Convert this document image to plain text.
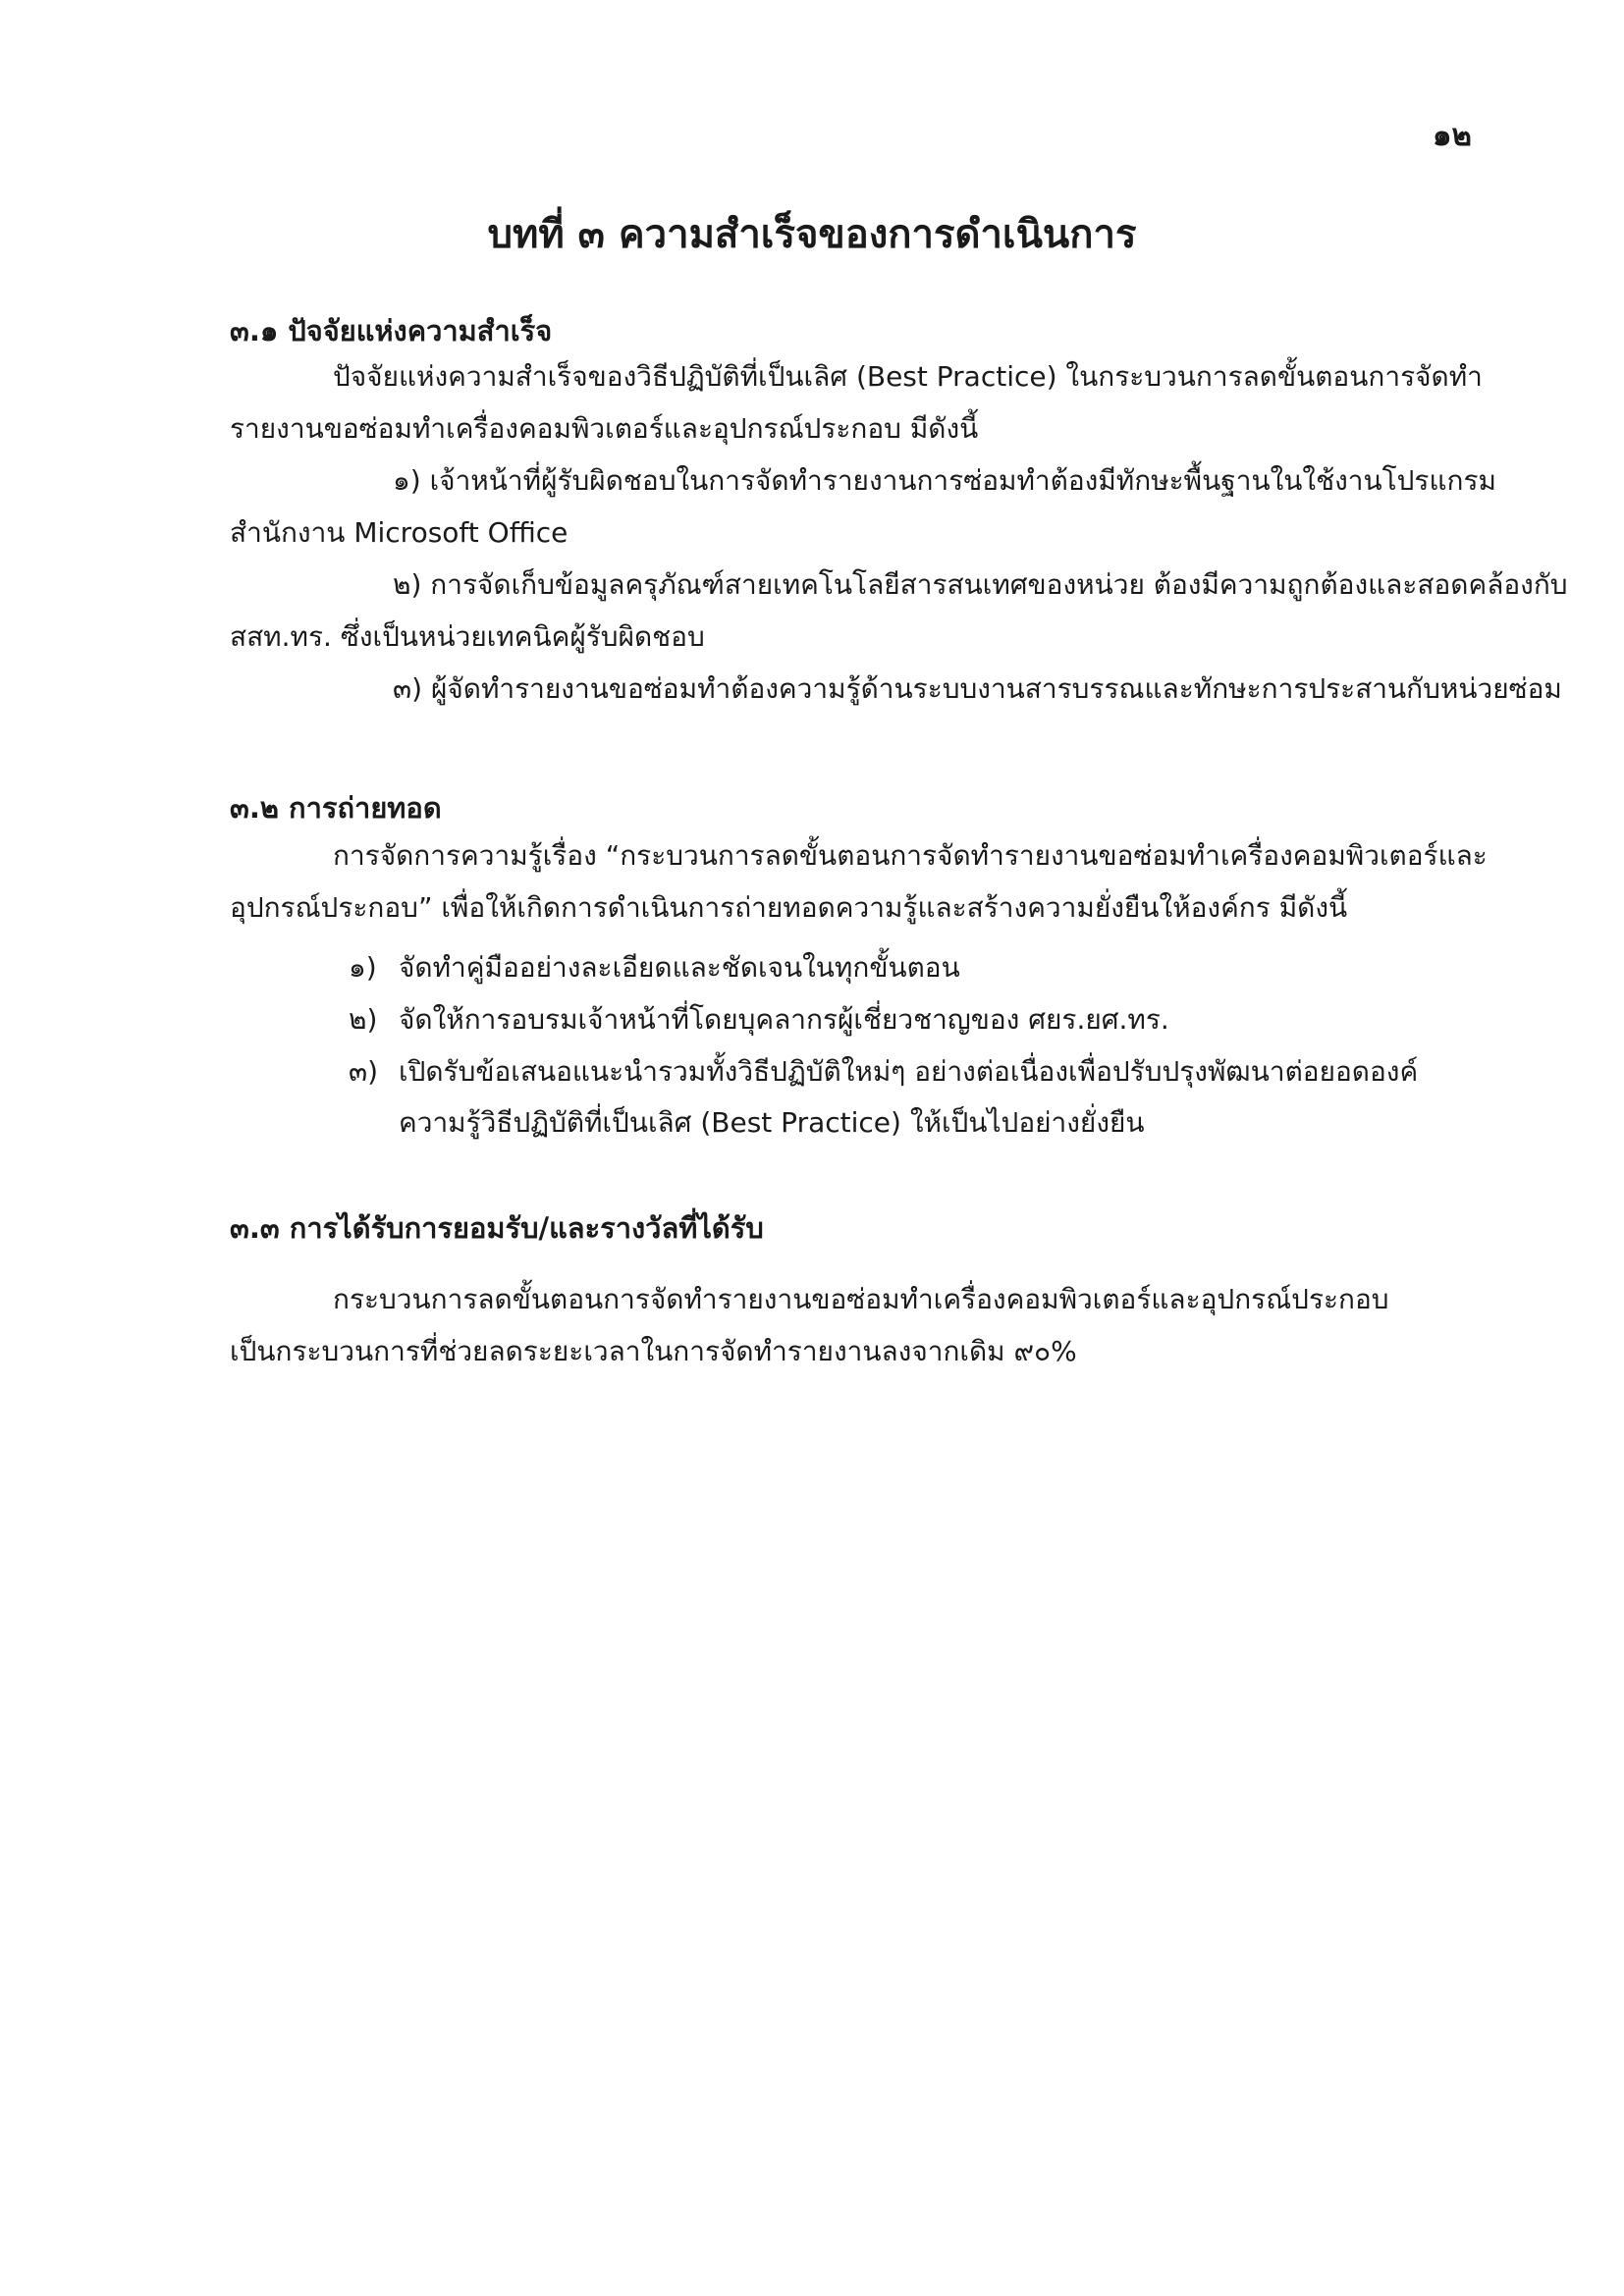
๑๒
บทที่ ๓ ความสำเร็จของการดำเนินการ
๓.๑ ปัจจัยแห่งความสำเร็จ
ปัจจัยแห่งความสำเร็จของวิธีปฏิบัติที่เป็นเลิศ (Best Practice) ในกระบวนการลดขั้นตอนการจัดทำ
รายงานขอซ่อมทำเครื่องคอมพิวเตอร์และอุปกรณ์ประกอบ มีดังนี้
๑) เจ้าหน้าที่ผู้รับผิดชอบในการจัดทำรายงานการซ่อมทำต้องมีทักษะพื้นฐานในใช้งานโปรแกรม
สำนักงาน Microsoft Office
๒) การจัดเก็บข้อมูลครุภัณฑ์สายเทคโนโลยีสารสนเทศของหน่วย ต้องมีความถูกต้องและสอดคล้องกับ
สสท.ทร. ซึ่งเป็นหน่วยเทคนิคผู้รับผิดชอบ
๓) ผู้จัดทำรายงานขอซ่อมทำต้องความรู้ด้านระบบงานสารบรรณและทักษะการประสานกับหน่วยซ่อม
๓.๒ การถ่ายทอด
การจัดการความรู้เรื่อง “กระบวนการลดขั้นตอนการจัดทำรายงานขอซ่อมทำเครื่องคอมพิวเตอร์และ
อุปกรณ์ประกอบ” เพื่อให้เกิดการดำเนินการถ่ายทอดความรู้และสร้างความยั่งยืนให้องค์กร มีดังนี้
๑) จัดทำคู่มืออย่างละเอียดและชัดเจนในทุกขั้นตอน
๒) จัดให้การอบรมเจ้าหน้าที่โดยบุคลากรผู้เชี่ยวชาญของ ศยร.ยศ.ทร.
๓) เปิดรับข้อเสนอแนะนำรวมทั้งวิธีปฏิบัติใหม่ๆ อย่างต่อเนื่องเพื่อปรับปรุงพัฒนาต่อยอดองค์
ความรู้วิธีปฏิบัติที่เป็นเลิศ (Best Practice) ให้เป็นไปอย่างยั่งยืน
๓.๓ การได้รับการยอมรับ/และรางวัลที่ได้รับ
กระบวนการลดขั้นตอนการจัดทำรายงานขอซ่อมทำเครื่องคอมพิวเตอร์และอุปกรณ์ประกอบ
เป็นกระบวนการที่ช่วยลดระยะเวลาในการจัดทำรายงานลงจากเดิม ๙๐%
